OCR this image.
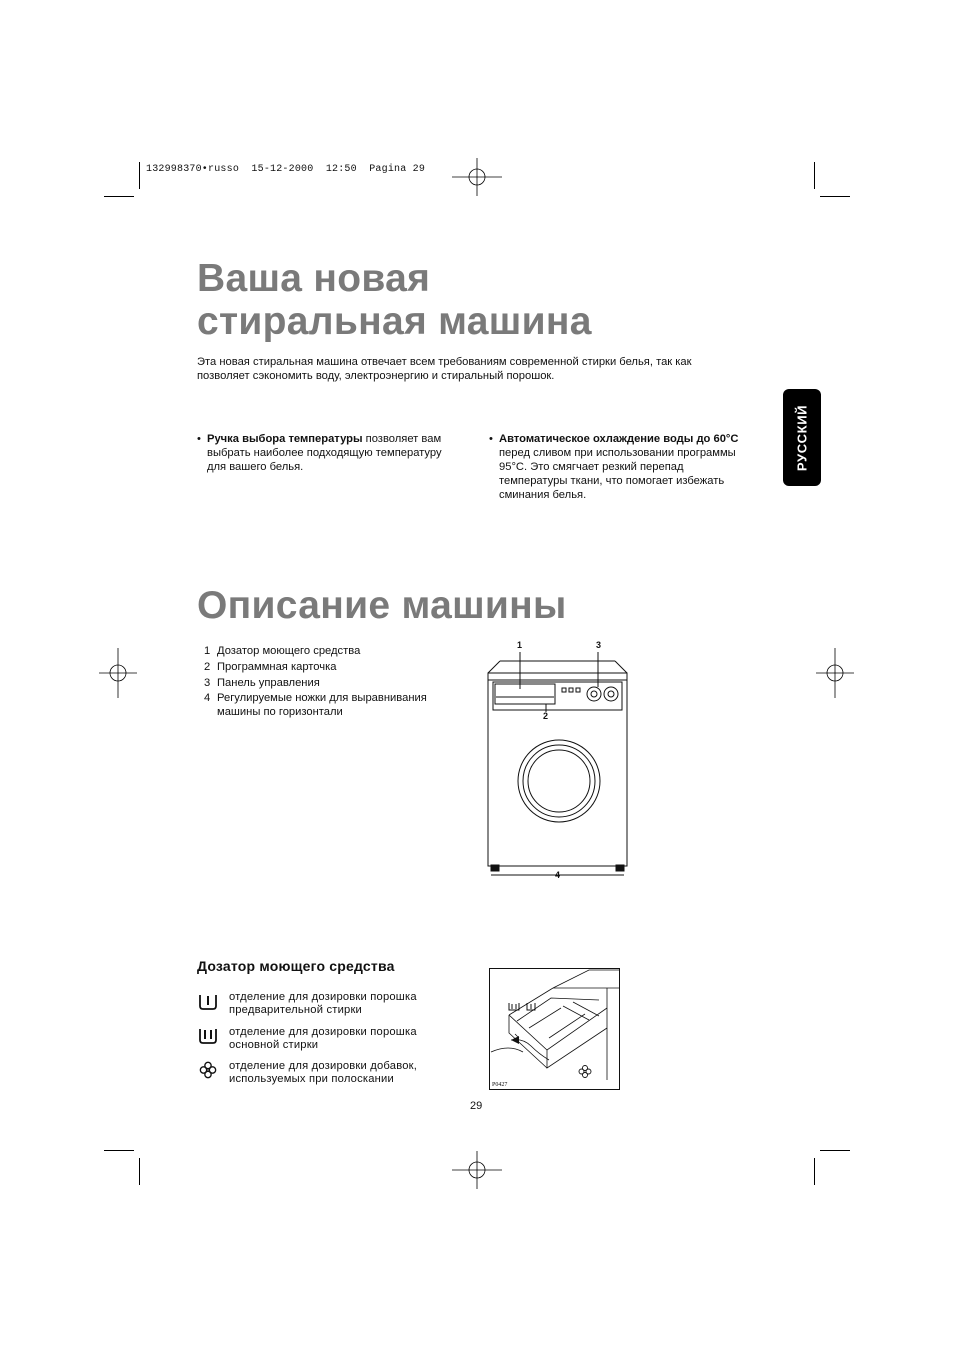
132998370•russo  15-12-2000  12:50  Pagina 29
РУССКИЙ
Ваша новая
стиральная машина
Эта новая стиральная машина отвечает всем требованиям современной стирки белья, так как
позволяет сэкономить воду, электроэнергию и стиральный порошок.
• Ручка выбора температуры позволяет вам
выбрать наиболее подходящую температуру
для вашего белья.
• Автоматическое охлаждение воды до 60°C
перед сливом при использовании программы
95°C. Это смягчает резкий перепад
температуры ткани, что помогает избежать
сминания белья.
Описание машины
1 Дозатор моющего средства
2 Программная карточка
3 Панель управления
4 Регулируемые ножки для выравнивания
машины по горизонтали
1	3
2
4
Дозатор моющего средства
отделение для дозировки порошка
предварительной стирки
отделение для дозировки порошка
основной стирки
отделение для дозировки добавок,
используемых при полоскании	P0427
29
